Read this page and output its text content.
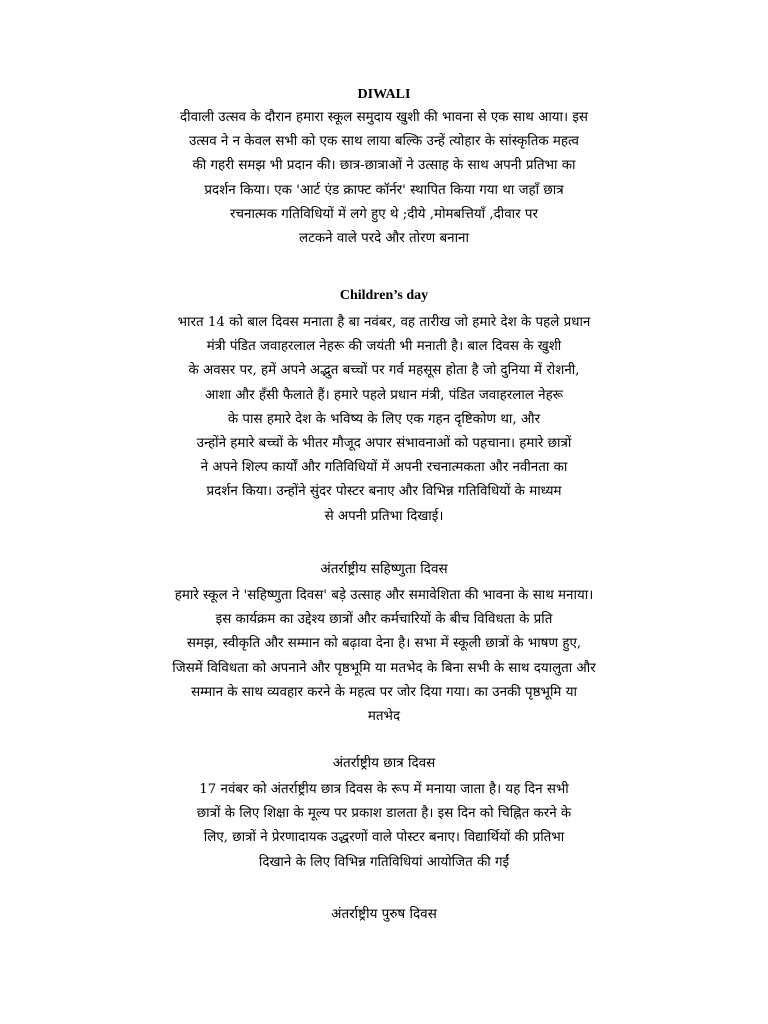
DIWALI

दीवाली उत्सव के दौरान हमारा स्कूल समुदाय खुशी की भावना से एक साथ आया। इस
उत्सव ने न केवल सभी को एक साथ लाया बल्कि उन्हें त्योहार के सांस्कृतिक महत्व
की गहरी समझ भी प्रदान की। छात्र-छात्राओं ने उत्साह के साथ अपनी प्रतिभा का
प्रदर्शन किया। एक 'आर्ट एंड क्राफ्ट कॉर्नर' स्थापित किया गया था जहाँ छात्र
रचनात्मक गतिविधियों में लगे हुए थे ;दीये ,मोमबत्तियाँ ,दीवार पर
लटकने वाले परदे और तोरण बनाना

Children’s day

भारत 14 को बाल दिवस मनाता है बा नवंबर, वह तारीख जो हमारे देश के पहले प्रधान
मंत्री पंडित जवाहरलाल नेहरू की जयंती भी मनाती है। बाल दिवस के खुशी
के अवसर पर, हमें अपने अद्भुत बच्चों पर गर्व महसूस होता है जो दुनिया में रोशनी,
आशा और हँसी फैलाते हैं। हमारे पहले प्रधान मंत्री, पंडित जवाहरलाल नेहरू
के पास हमारे देश के भविष्य के लिए एक गहन दृष्टिकोण था, और
उन्होंने हमारे बच्चों के भीतर मौजूद अपार संभावनाओं को पहचाना। हमारे छात्रों
ने अपने शिल्प कार्यों और गतिविधियों में अपनी रचनात्मकता और नवीनता का
प्रदर्शन किया। उन्होंने सुंदर पोस्टर बनाए और विभिन्न गतिविधियों के माध्यम
से अपनी प्रतिभा दिखाई।

अंतर्राष्ट्रीय सहिष्णुता दिवस

हमारे स्कूल ने 'सहिष्णुता दिवस' बड़े उत्साह और समावेशिता की भावना के साथ मनाया।
इस कार्यक्रम का उद्देश्य छात्रों और कर्मचारियों के बीच विविधता के प्रति
समझ, स्वीकृति और सम्मान को बढ़ावा देना है। सभा में स्कूली छात्रों के भाषण हुए,
जिसमें विविधता को अपनाने और पृष्ठभूमि या मतभेद के बिना सभी के साथ दयालुता और
सम्मान के साथ व्यवहार करने के महत्व पर जोर दिया गया। का उनकी पृष्ठभूमि या
मतभेद

अंतर्राष्ट्रीय छात्र दिवस

17 नवंबर को अंतर्राष्ट्रीय छात्र दिवस के रूप में मनाया जाता है। यह दिन सभी
छात्रों के लिए शिक्षा के मूल्य पर प्रकाश डालता है। इस दिन को चिह्नित करने के
लिए, छात्रों ने प्रेरणादायक उद्धरणों वाले पोस्टर बनाए। विद्यार्थियों की प्रतिभा
दिखाने के लिए विभिन्न गतिविधियां आयोजित की गईं

अंतर्राष्ट्रीय पुरुष दिवस
